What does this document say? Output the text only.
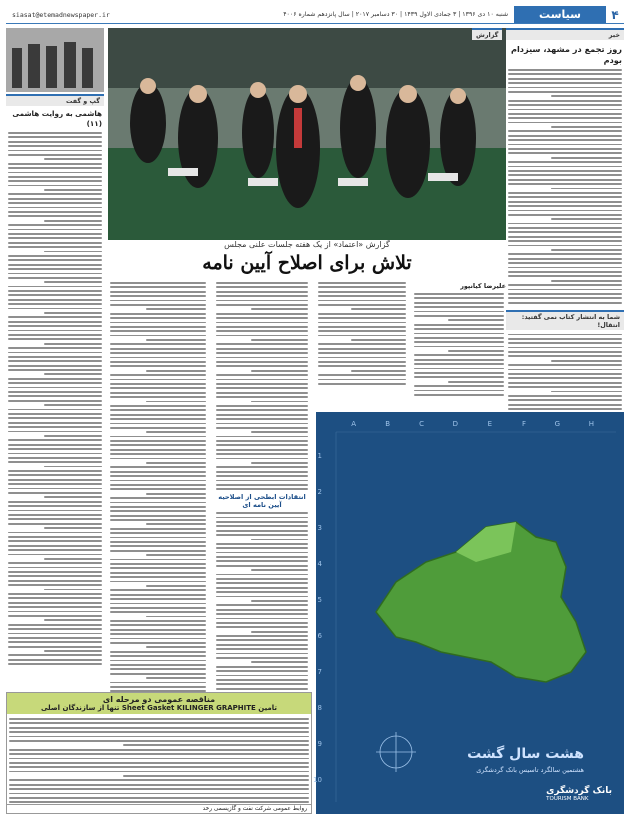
۴
سیاست
شنبه ۱۰ دی ۱۳۹۶ | ۳ جمادی الاول ۱۴۳۹ | ۳۰ دسامبر ۲۰۱۷ | سال پانزدهم شماره ۴۰۰۶
siasat@etemadnewspaper.ir
خبر
روز تجمع در مشهد، سیزدام بودم
شما به انتشار کتاب نمی گفتید: انتقال!
گزارش
گزارش «اعتماد» از یک هفته جلسات علنی مجلس
تلاش برای اصلاح آیین نامه
گپ و گفت
هاشمی به روایت هاشمی (۱۱)
علیرضا کیانپور
انتقادات ابطحی از اصلاحیه آیین نامه ای
A	B	C	D	E	F	G	H
1
2
3
4
5
6
7
8
9
10
هشت سال گشت
هشتمین سالگرد تاسیس بانک گردشگری
بانک گردشگری
TOURISM BANK
مناقصه عمومی دو مرحله ای
تامین Sheet Gasket KILINGER GRAPHITE تنها از سازندگان اصلی
روابط عمومی شرکت نفت و گازیسمی رخد
